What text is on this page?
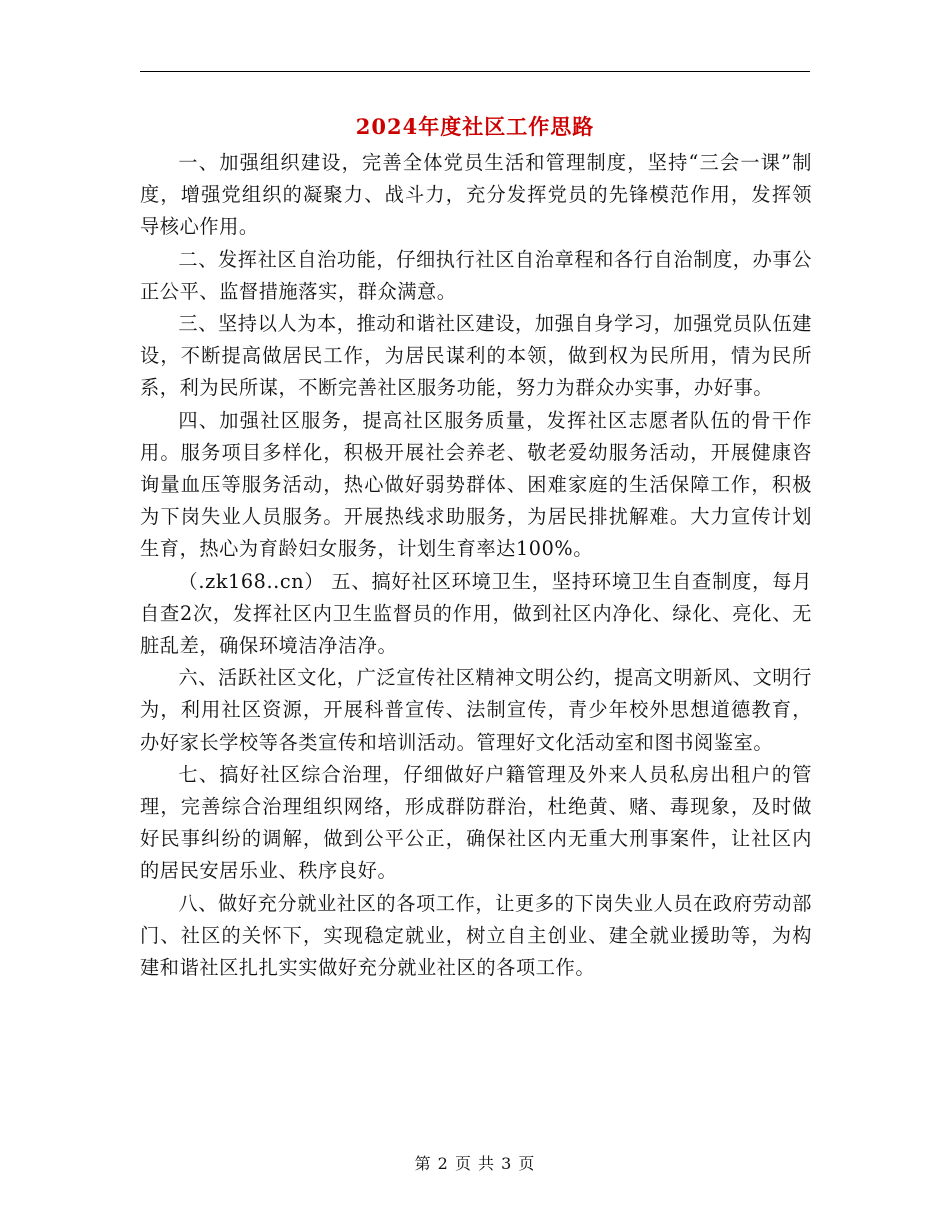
2024年度社区工作思路

一、加强组织建设，完善全体党员生活和管理制度，坚持“三会一课”制度，增强党组织的凝聚力、战斗力，充分发挥党员的先锋模范作用，发挥领导核心作用。

二、发挥社区自治功能，仔细执行社区自治章程和各行自治制度，办事公正公平、监督措施落实，群众满意。

三、坚持以人为本，推动和谐社区建设，加强自身学习，加强党员队伍建设，不断提高做居民工作，为居民谋利的本领，做到权为民所用，情为民所系，利为民所谋，不断完善社区服务功能，努力为群众办实事，办好事。

四、加强社区服务，提高社区服务质量，发挥社区志愿者队伍的骨干作用。服务项目多样化，积极开展社会养老、敬老爱幼服务活动，开展健康咨询量血压等服务活动，热心做好弱势群体、困难家庭的生活保障工作，积极为下岗失业人员服务。开展热线求助服务，为居民排扰解难。大力宣传计划生育，热心为育龄妇女服务，计划生育率达100%。

（.zk168..cn） 五、搞好社区环境卫生，坚持环境卫生自查制度，每月自查2次，发挥社区内卫生监督员的作用，做到社区内净化、绿化、亮化、无脏乱差，确保环境洁净洁净。

六、活跃社区文化，广泛宣传社区精神文明公约，提高文明新风、文明行为，利用社区资源，开展科普宣传、法制宣传，青少年校外思想道德教育，办好家长学校等各类宣传和培训活动。管理好文化活动室和图书阅鉴室。

七、搞好社区综合治理，仔细做好户籍管理及外来人员私房出租户的管理，完善综合治理组织网络，形成群防群治，杜绝黄、赌、毒现象，及时做好民事纠纷的调解，做到公平公正，确保社区内无重大刑事案件，让社区内的居民安居乐业、秩序良好。

八、做好充分就业社区的各项工作，让更多的下岗失业人员在政府劳动部门、社区的关怀下，实现稳定就业，树立自主创业、建全就业援助等，为构建和谐社区扎扎实实做好充分就业社区的各项工作。

第 2 页 共 3 页
